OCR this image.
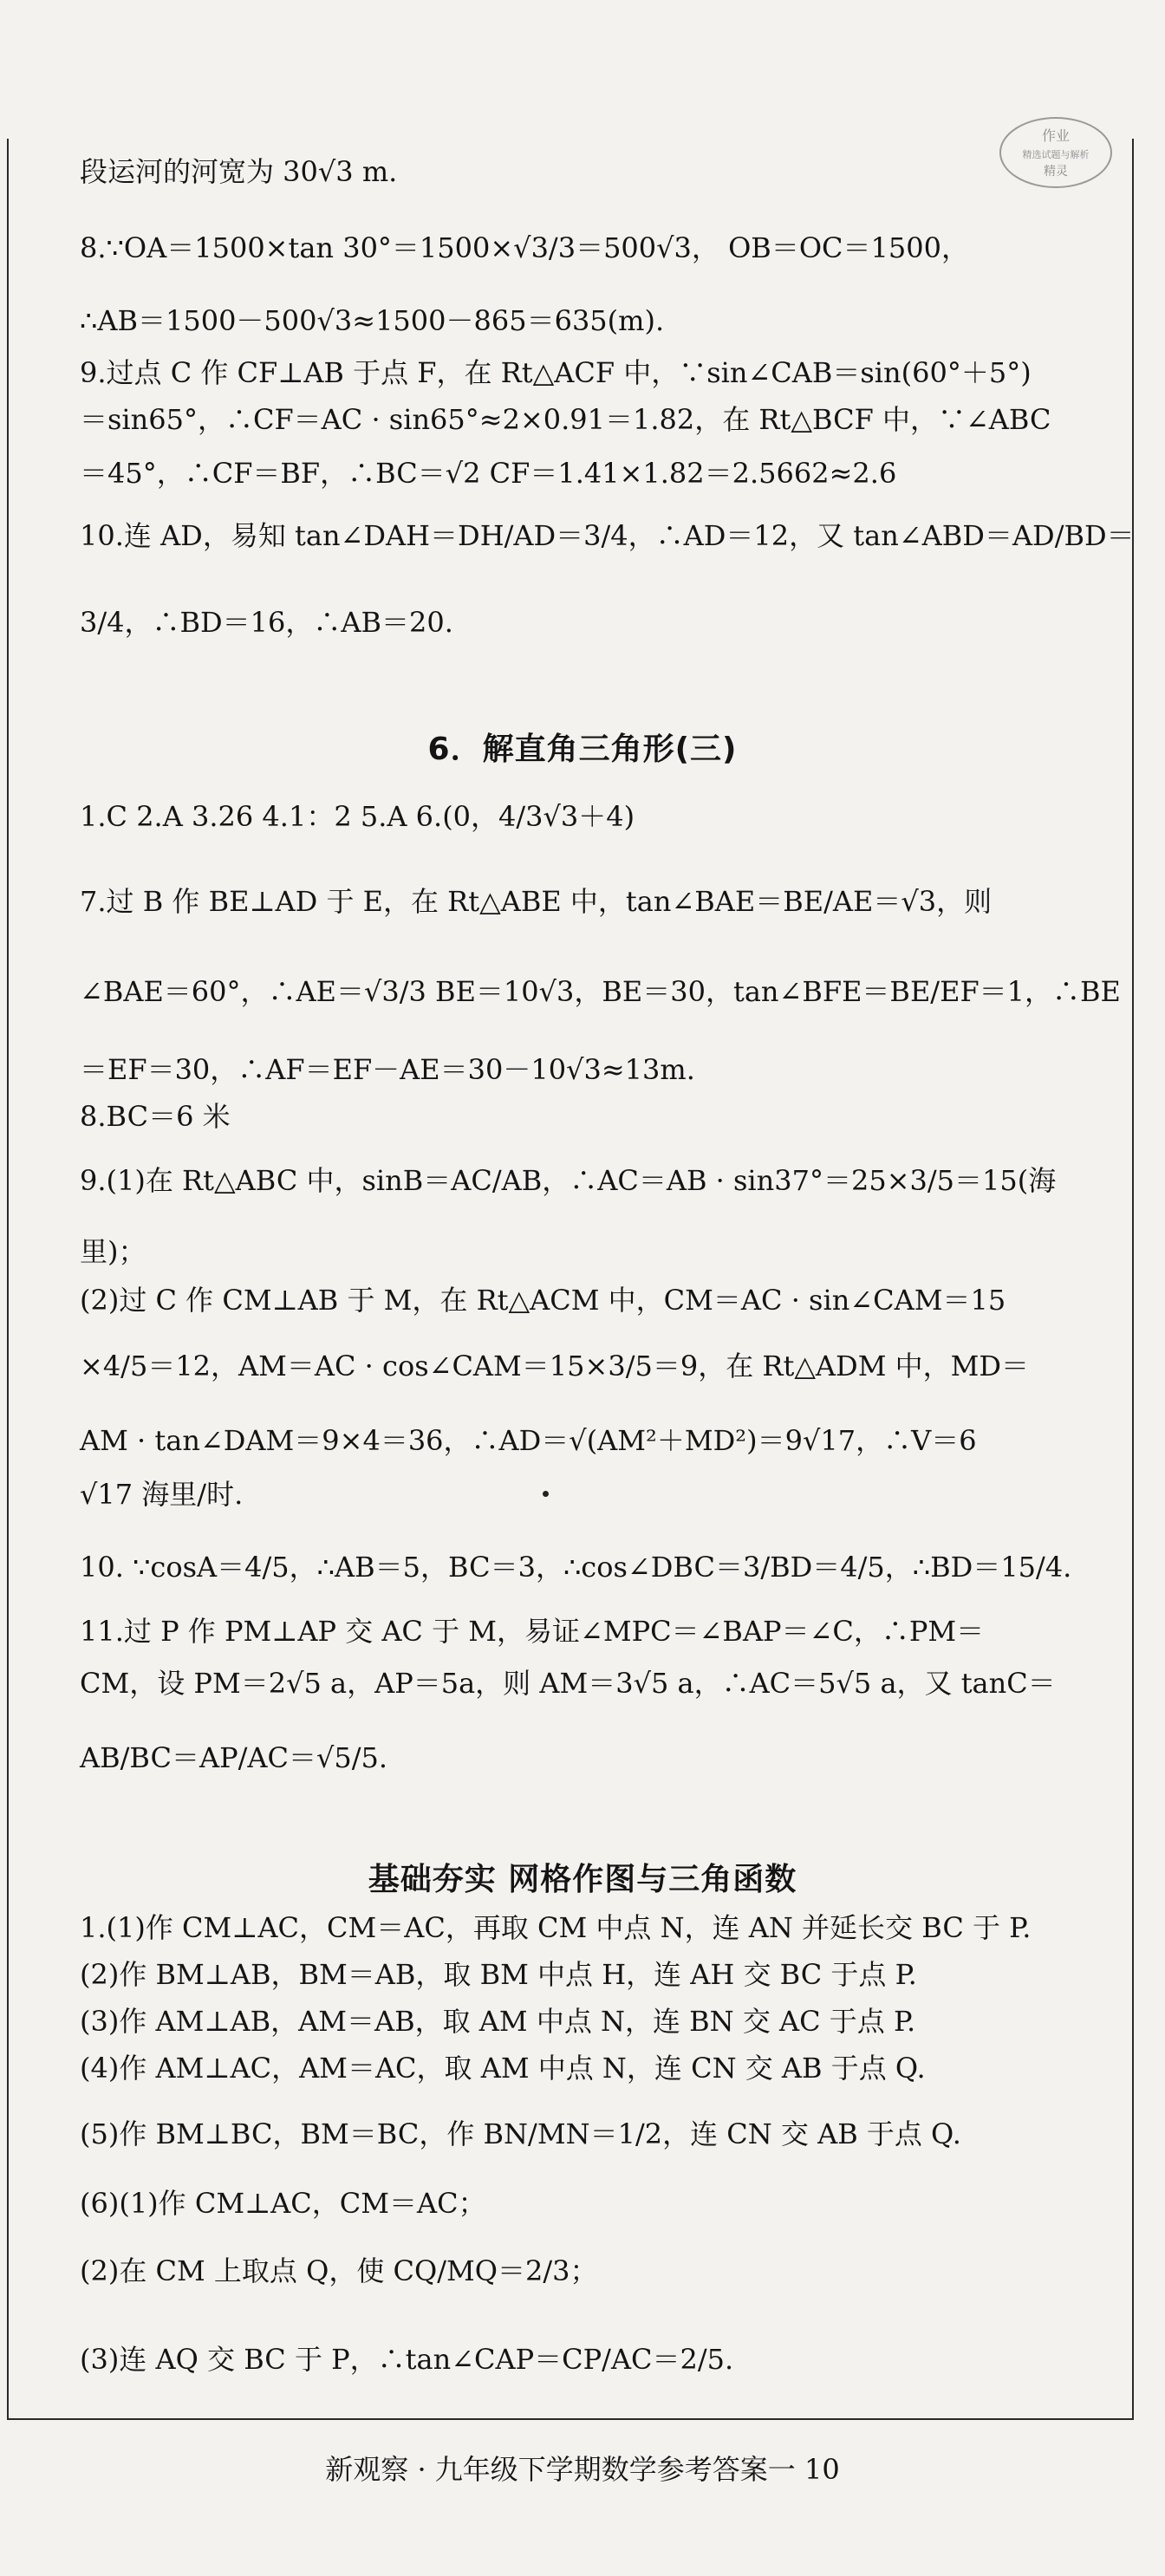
作业
精选试题与解析
精灵
段运河的河宽为 30√3 m.
8.∵OA＝1500×tan 30°＝1500×√3/3＝500√3， OB＝OC＝1500，
∴AB＝1500－500√3≈1500－865＝635(m).
9.过点 C 作 CF⊥AB 于点 F，在 Rt△ACF 中，∵sin∠CAB＝sin(60°＋5°)
＝sin65°，∴CF＝AC · sin65°≈2×0.91＝1.82，在 Rt△BCF 中，∵∠ABC
＝45°，∴CF＝BF，∴BC＝√2 CF＝1.41×1.82＝2.5662≈2.6
10.连 AD，易知 tan∠DAH＝DH/AD＝3/4，∴AD＝12，又 tan∠ABD＝AD/BD＝
3/4，∴BD＝16，∴AB＝20.
6．解直角三角形(三)
1.C 2.A 3.26 4.1：2 5.A 6.(0，4/3√3＋4)
7.过 B 作 BE⊥AD 于 E，在 Rt△ABE 中，tan∠BAE＝BE/AE＝√3，则
∠BAE＝60°，∴AE＝√3/3 BE＝10√3，BE＝30，tan∠BFE＝BE/EF＝1，∴BE
＝EF＝30，∴AF＝EF－AE＝30－10√3≈13m.
8.BC＝6 米
9.(1)在 Rt△ABC 中，sinB＝AC/AB，∴AC＝AB · sin37°＝25×3/5＝15(海
里)；
(2)过 C 作 CM⊥AB 于 M，在 Rt△ACM 中，CM＝AC · sin∠CAM＝15
×4/5＝12，AM＝AC · cos∠CAM＝15×3/5＝9，在 Rt△ADM 中，MD＝
AM · tan∠DAM＝9×4＝36，∴AD＝√(AM²＋MD²)＝9√17，∴V＝6
√17 海里/时.
10. ∵cosA＝4/5，∴AB＝5，BC＝3，∴cos∠DBC＝3/BD＝4/5，∴BD＝15/4.
11.过 P 作 PM⊥AP 交 AC 于 M，易证∠MPC＝∠BAP＝∠C，∴PM＝
CM，设 PM＝2√5 a，AP＝5a，则 AM＝3√5 a，∴AC＝5√5 a，又 tanC＝
AB/BC＝AP/AC＝√5/5.
基础夯实 网格作图与三角函数
1.(1)作 CM⊥AC，CM＝AC，再取 CM 中点 N，连 AN 并延长交 BC 于 P.
(2)作 BM⊥AB，BM＝AB，取 BM 中点 H，连 AH 交 BC 于点 P.
(3)作 AM⊥AB，AM＝AB，取 AM 中点 N，连 BN 交 AC 于点 P.
(4)作 AM⊥AC，AM＝AC，取 AM 中点 N，连 CN 交 AB 于点 Q.
(5)作 BM⊥BC，BM＝BC，作 BN/MN＝1/2，连 CN 交 AB 于点 Q.
(6)(1)作 CM⊥AC，CM＝AC；
(2)在 CM 上取点 Q，使 CQ/MQ＝2/3；
(3)连 AQ 交 BC 于 P，∴tan∠CAP＝CP/AC＝2/5.
新观察 · 九年级下学期数学参考答案一 10
